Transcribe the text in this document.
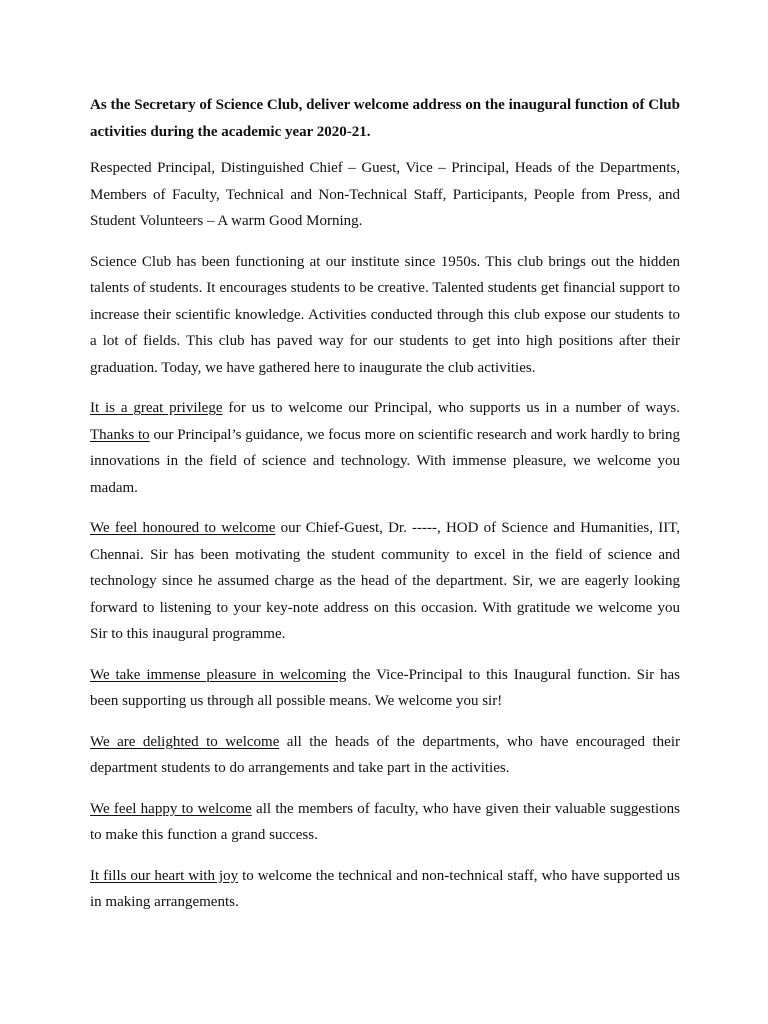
As the Secretary of Science Club, deliver welcome address on the inaugural function of Club activities during the academic year 2020-21.

Respected Principal, Distinguished Chief – Guest, Vice – Principal, Heads of the Departments, Members of Faculty, Technical and Non-Technical Staff, Participants, People from Press, and Student Volunteers – A warm Good Morning.

Science Club has been functioning at our institute since 1950s. This club brings out the hidden talents of students. It encourages students to be creative. Talented students get financial support to increase their scientific knowledge. Activities conducted through this club expose our students to a lot of fields. This club has paved way for our students to get into high positions after their graduation. Today, we have gathered here to inaugurate the club activities.

It is a great privilege for us to welcome our Principal, who supports us in a number of ways. Thanks to our Principal’s guidance, we focus more on scientific research and work hardly to bring innovations in the field of science and technology. With immense pleasure, we welcome you madam.

We feel honoured to welcome our Chief-Guest, Dr. -----, HOD of Science and Humanities, IIT, Chennai. Sir has been motivating the student community to excel in the field of science and technology since he assumed charge as the head of the department. Sir, we are eagerly looking forward to listening to your key-note address on this occasion. With gratitude we welcome you Sir to this inaugural programme.

We take immense pleasure in welcoming the Vice-Principal to this Inaugural function. Sir has been supporting us through all possible means. We welcome you sir!

We are delighted to welcome all the heads of the departments, who have encouraged their department students to do arrangements and take part in the activities.

We feel happy to welcome all the members of faculty, who have given their valuable suggestions to make this function a grand success.

It fills our heart with joy to welcome the technical and non-technical staff, who have supported us in making arrangements.
